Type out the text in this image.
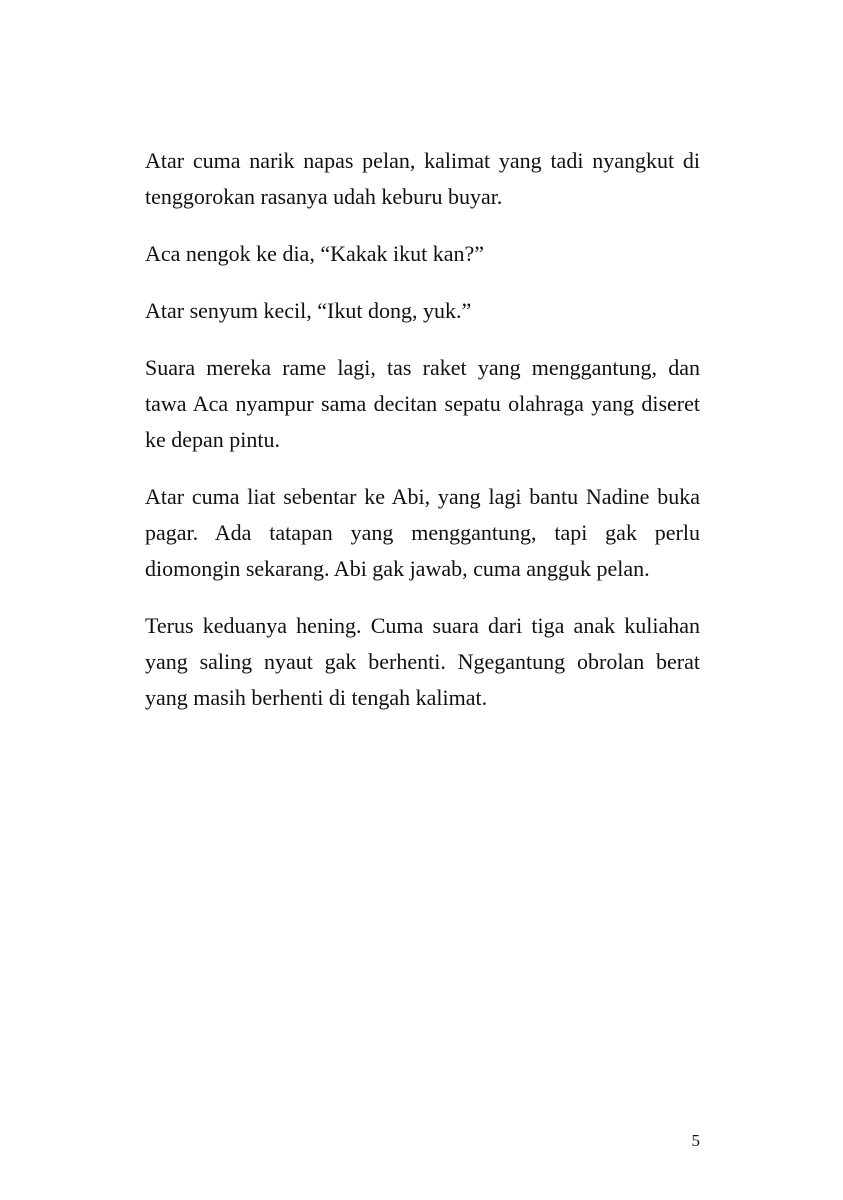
Atar cuma narik napas pelan, kalimat yang tadi nyangkut di tenggorokan rasanya udah keburu buyar.

Aca nengok ke dia, “Kakak ikut kan?”

Atar senyum kecil, “Ikut dong, yuk.”

Suara mereka rame lagi, tas raket yang menggantung, dan tawa Aca nyampur sama decitan sepatu olahraga yang diseret ke depan pintu.

Atar cuma liat sebentar ke Abi, yang lagi bantu Nadine buka pagar. Ada tatapan yang menggantung, tapi gak perlu diomongin sekarang. Abi gak jawab, cuma angguk pelan.

Terus keduanya hening. Cuma suara dari tiga anak kuliahan yang saling nyaut gak berhenti. Ngegantung obrolan berat yang masih berhenti di tengah kalimat.

5
